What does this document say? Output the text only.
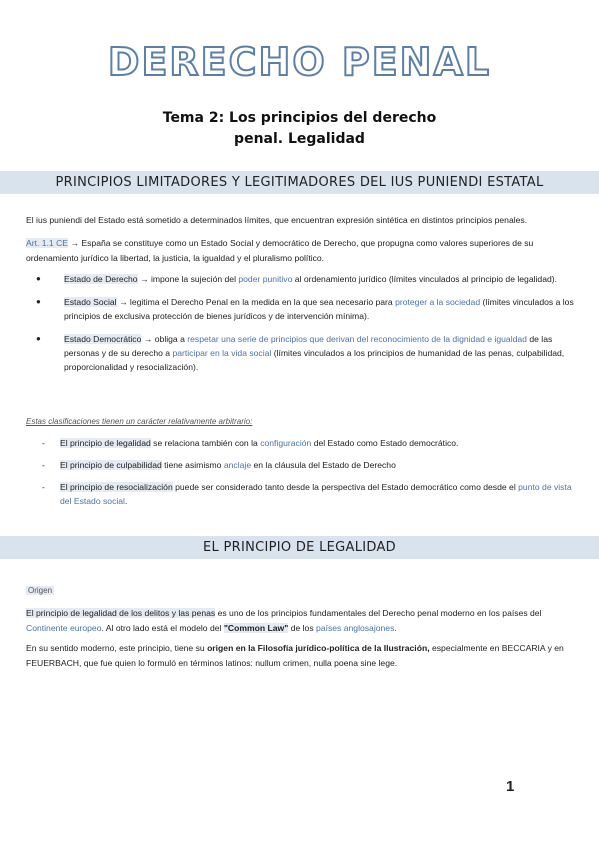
DERECHO PENAL
Tema 2: Los principios del derecho
penal. Legalidad
PRINCIPIOS LIMITADORES Y LEGITIMADORES DEL IUS PUNIENDI ESTATAL
El ius puniendi del Estado está sometido a determinados límites, que encuentran expresión sintética en distintos principios penales.
Art. 1.1 CE → España se constituye como un Estado Social y democrático de Derecho, que propugna como valores superiores de su ordenamiento jurídico la libertad, la justicia, la igualdad y el pluralismo político.
●	Estado de Derecho → impone la sujeción del poder punitivo al ordenamiento jurídico (límites vinculados al principio de legalidad).
●	Estado Social → legitima el Derecho Penal en la medida en la que sea necesario para proteger a la sociedad (límites vinculados a los principios de exclusiva protección de bienes jurídicos y de intervención mínima).
●	Estado Democrático → obliga a respetar una serie de principios que derivan del reconocimiento de la dignidad e igualdad de las personas y de su derecho a participar en la vida social (límites vinculados a los principios de humanidad de las penas, culpabilidad, proporcionalidad y resocialización).
Estas clasificaciones tienen un carácter relativamente arbitrario:
- El principio de legalidad se relaciona también con la configuración del Estado como Estado democrático.
- El principio de culpabilidad tiene asimismo anclaje en la cláusula del Estado de Derecho
- El principio de resocialización puede ser considerado tanto desde la perspectiva del Estado democrático como desde el punto de vista del Estado social.
EL PRINCIPIO DE LEGALIDAD
Origen
El principio de legalidad de los delitos y las penas es uno de los principios fundamentales del Derecho penal moderno en los países del Continente europeo. Al otro lado está el modelo del "Common Law" de los países anglosajones.
En su sentido moderno, este principio, tiene su origen en la Filosofía jurídico-política de la Ilustración, especialmente en BECCARIA y en FEUERBACH, que fue quien lo formuló en términos latinos: nullum crimen, nulla poena sine lege.
1
